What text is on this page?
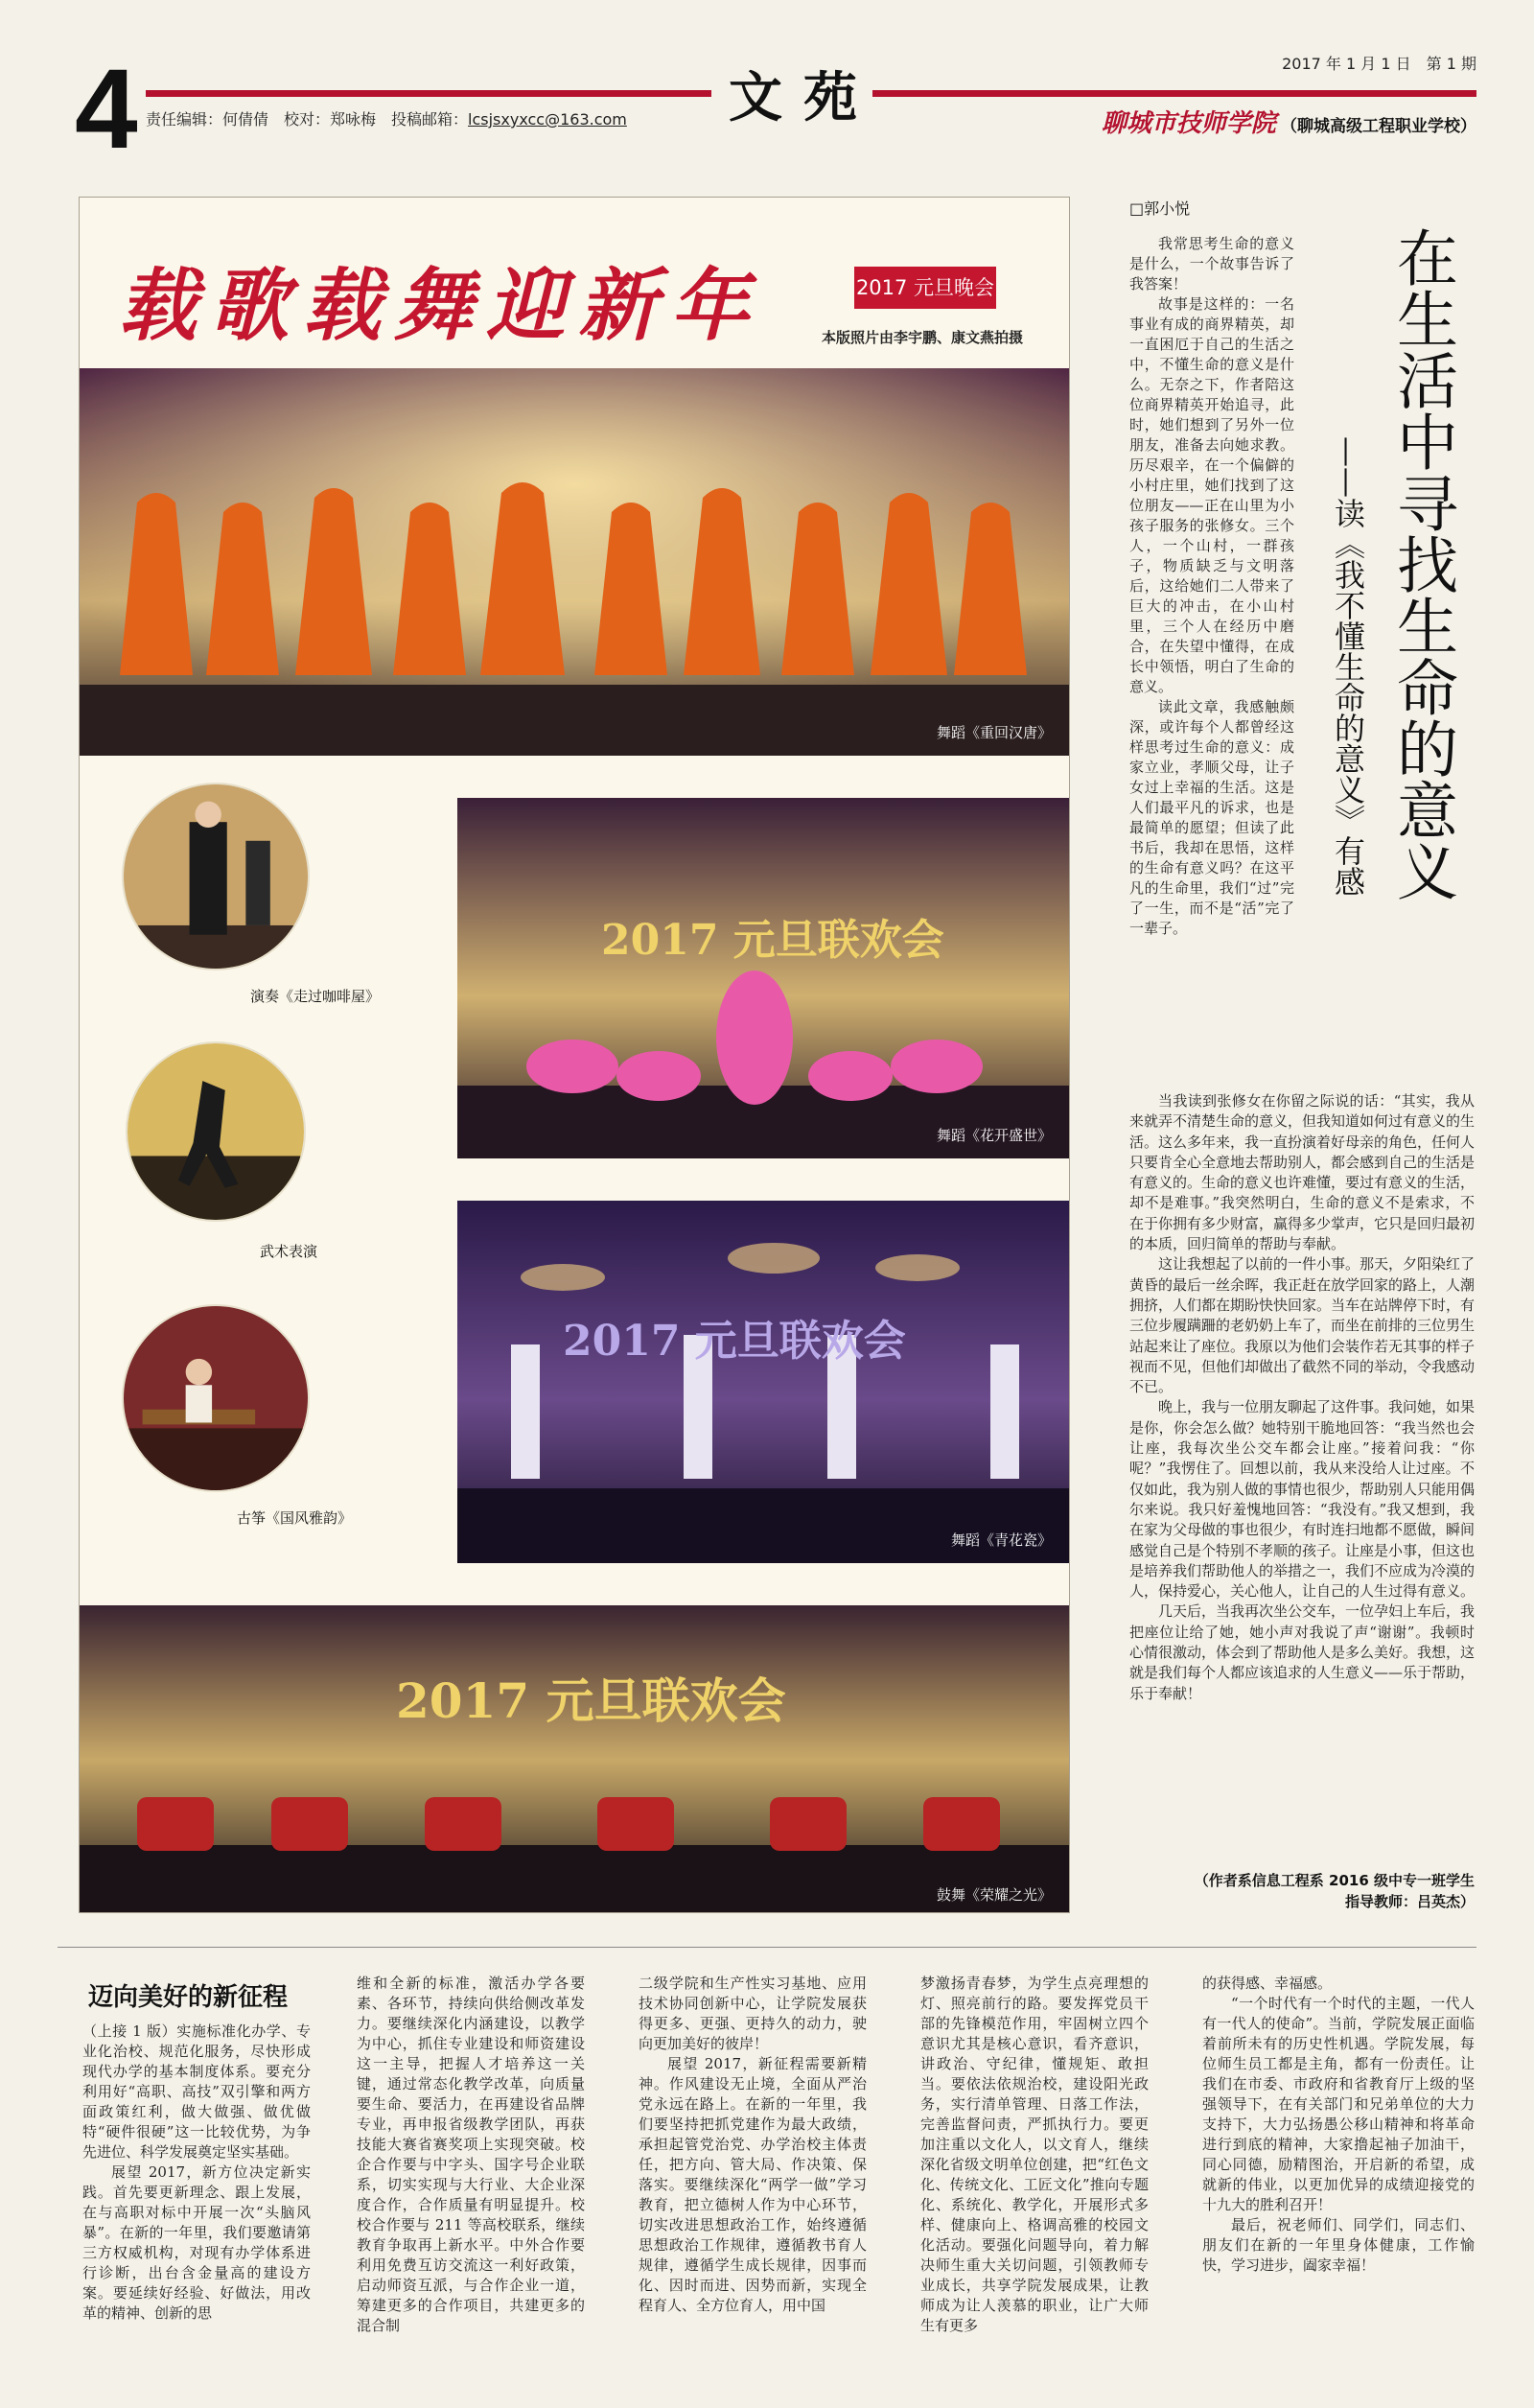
4	文苑
责任编辑：何倩倩　校对：郑咏梅　投稿邮箱：lcsjsxyxcc@163.com
2017 年 1 月 1 日　第 1 期
聊城市技师学院 （聊城高级工程职业学校）
载歌载舞迎新年	2017 元旦晚会
本版照片由李宇鹏、康文燕拍摄
舞蹈《重回汉唐》
演奏《走过咖啡屋》
武术表演
古筝《国风雅韵》
2017 元旦联欢会
舞蹈《花开盛世》
2017 元旦联欢会
舞蹈《青花瓷》
2017 元旦联欢会
鼓舞《荣耀之光》
□郭小悦
在生活中寻找生命的意义
——读《我不懂生命的意义》有感

我常思考生命的意义是什么，一个故事告诉了我答案！

故事是这样的：一名事业有成的商界精英，却一直困厄于自己的生活之中，不懂生命的意义是什么。无奈之下，作者陪这位商界精英开始追寻，此时，她们想到了另外一位朋友，准备去向她求教。历尽艰辛，在一个偏僻的小村庄里，她们找到了这位朋友——正在山里为小孩子服务的张修女。三个人，一个山村，一群孩子，物质缺乏与文明落后，这给她们二人带来了巨大的冲击，在小山村里，三个人在经历中磨合，在失望中懂得，在成长中领悟，明白了生命的意义。

读此文章，我感触颇深，或许每个人都曾经这样思考过生命的意义：成家立业，孝顺父母，让子女过上幸福的生活。这是人们最平凡的诉求，也是最简单的愿望；但读了此书后，我却在思悟，这样的生命有意义吗？在这平凡的生命里，我们“过”完了一生，而不是“活”完了一辈子。

当我读到张修女在你留之际说的话：“其实，我从来就弄不清楚生命的意义，但我知道如何过有意义的生活。这么多年来，我一直扮演着好母亲的角色，任何人只要肯全心全意地去帮助别人，都会感到自己的生活是有意义的。生命的意义也许难懂，要过有意义的生活，却不是难事。”我突然明白，生命的意义不是索求，不在于你拥有多少财富，赢得多少掌声，它只是回归最初的本质，回归简单的帮助与奉献。

这让我想起了以前的一件小事。那天，夕阳染红了黄昏的最后一丝余晖，我正赶在放学回家的路上，人潮拥挤，人们都在期盼快快回家。当车在站牌停下时，有三位步履蹒跚的老奶奶上车了，而坐在前排的三位男生站起来让了座位。我原以为他们会装作若无其事的样子视而不见，但他们却做出了截然不同的举动，令我感动不已。

晚上，我与一位朋友聊起了这件事。我问她，如果是你，你会怎么做？她特别干脆地回答：“我当然也会让座，我每次坐公交车都会让座。”接着问我：“你呢？”我愣住了。回想以前，我从来没给人让过座。不仅如此，我为别人做的事情也很少，帮助别人只能用偶尔来说。我只好羞愧地回答：“我没有。”我又想到，我在家为父母做的事也很少，有时连扫地都不愿做，瞬间感觉自己是个特别不孝顺的孩子。让座是小事，但这也是培养我们帮助他人的举措之一，我们不应成为冷漠的人，保持爱心，关心他人，让自己的人生过得有意义。

几天后，当我再次坐公交车，一位孕妇上车后，我把座位让给了她，她小声对我说了声“谢谢”。我顿时心情很激动，体会到了帮助他人是多么美好。我想，这就是我们每个人都应该追求的人生意义——乐于帮助，乐于奉献！

（作者系信息工程系 2016 级中专一班学生
指导教师：吕英杰）
迈向美好的新征程

（上接 1 版）实施标准化办学、专业化治校、规范化服务，尽快形成现代办学的基本制度体系。要充分利用好“高职、高技”双引擎和两方面政策红利，做大做强、做优做特“硬件很硬”这一比较优势，为争先进位、科学发展奠定坚实基础。

展望 2017，新方位决定新实践。首先要更新理念、跟上发展，在与高职对标中开展一次“头脑风暴”。在新的一年里，我们要邀请第三方权威机构，对现有办学体系进行诊断，出台含金量高的建设方案。要延续好经验、好做法，用改革的精神、创新的思

维和全新的标准，激活办学各要素、各环节，持续向供给侧改革发力。要继续深化内涵建设，以教学为中心，抓住专业建设和师资建设这一主导，把握人才培养这一关键，通过常态化教学改革，向质量要生命、要活力，在再建设省品牌专业，再申报省级教学团队，再获技能大赛省赛奖项上实现突破。校企合作要与中字头、国字号企业联系，切实实现与大行业、大企业深度合作，合作质量有明显提升。校校合作要与 211 等高校联系，继续教育争取再上新水平。中外合作要利用免费互访交流这一利好政策，启动师资互派，与合作企业一道，筹建更多的合作项目，共建更多的混合制

二级学院和生产性实习基地、应用技术协同创新中心，让学院发展获得更多、更强、更持久的动力，驶向更加美好的彼岸！

展望 2017，新征程需要新精神。作风建设无止境，全面从严治党永远在路上。在新的一年里，我们要坚持把抓党建作为最大政绩，承担起管党治党、办学治校主体责任，把方向、管大局、作决策、保落实。要继续深化“两学一做”学习教育，把立德树人作为中心环节，切实改进思想政治工作，始终遵循思想政治工作规律，遵循教书育人规律，遵循学生成长规律，因事而化、因时而进、因势而新，实现全程育人、全方位育人，用中国

梦激扬青春梦，为学生点亮理想的灯、照亮前行的路。要发挥党员干部的先锋模范作用，牢固树立四个意识尤其是核心意识，看齐意识，讲政治、守纪律，懂规矩、敢担当。要依法依规治校，建设阳光政务，实行清单管理、日落工作法，完善监督问责，严抓执行力。要更加注重以文化人，以文育人，继续深化省级文明单位创建，把“红色文化、传统文化、工匠文化”推向专题化、系统化、教学化，开展形式多样、健康向上、格调高雅的校园文化活动。要强化问题导向，着力解决师生重大关切问题，引领教师专业成长，共享学院发展成果，让教师成为让人羡慕的职业，让广大师生有更多

的获得感、幸福感。

“一个时代有一个时代的主题，一代人有一代人的使命”。当前，学院发展正面临着前所未有的历史性机遇。学院发展，每位师生员工都是主角，都有一份责任。让我们在市委、市政府和省教育厅上级的坚强领导下，在有关部门和兄弟单位的大力支持下，大力弘扬愚公移山精神和将革命进行到底的精神，大家撸起袖子加油干，同心同德，励精图治，开启新的希望，成就新的伟业，以更加优异的成绩迎接党的十九大的胜利召开！

最后，祝老师们、同学们，同志们、朋友们在新的一年里身体健康，工作愉快，学习进步，阖家幸福！
